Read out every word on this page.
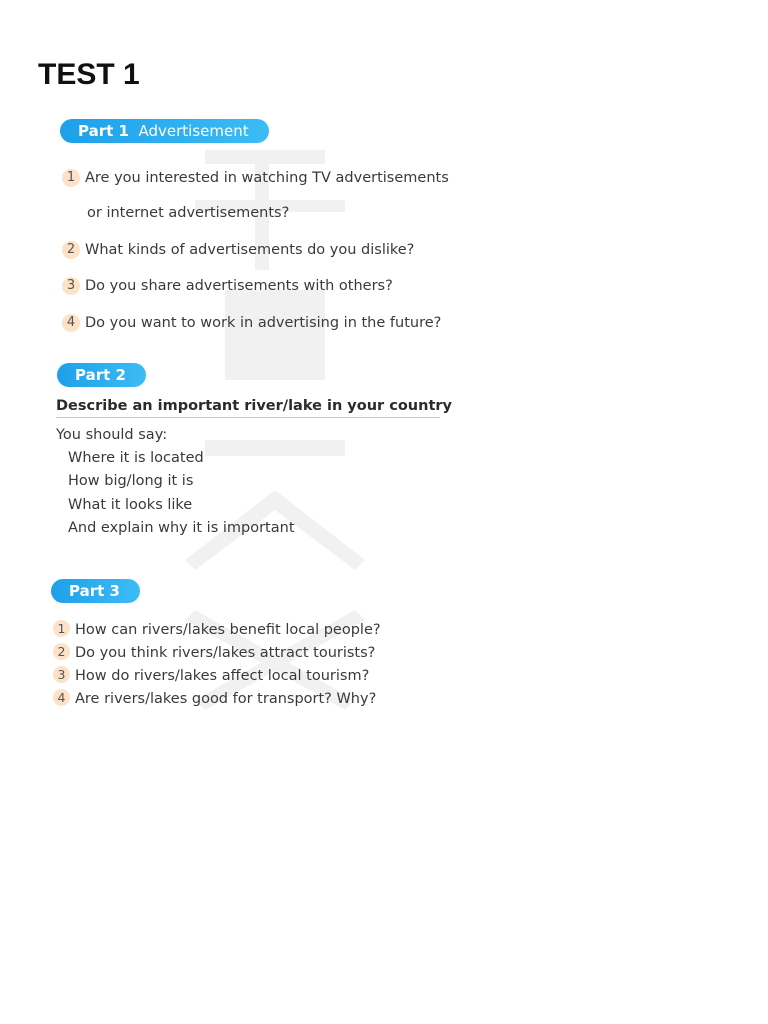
TEST 1
Part 1 Advertisement
1 Are you interested in watching TV advertisements
or internet advertisements?
2 What kinds of advertisements do you dislike?
3 Do you share advertisements with others?
4 Do you want to work in advertising in the future?
Part 2
Describe an important river/lake in your country
You should say:
Where it is located
How big/long it is
What it looks like
And explain why it is important
Part 3
1 How can rivers/lakes benefit local people?
2 Do you think rivers/lakes attract tourists?
3 How do rivers/lakes affect local tourism?
4 Are rivers/lakes good for transport? Why?
